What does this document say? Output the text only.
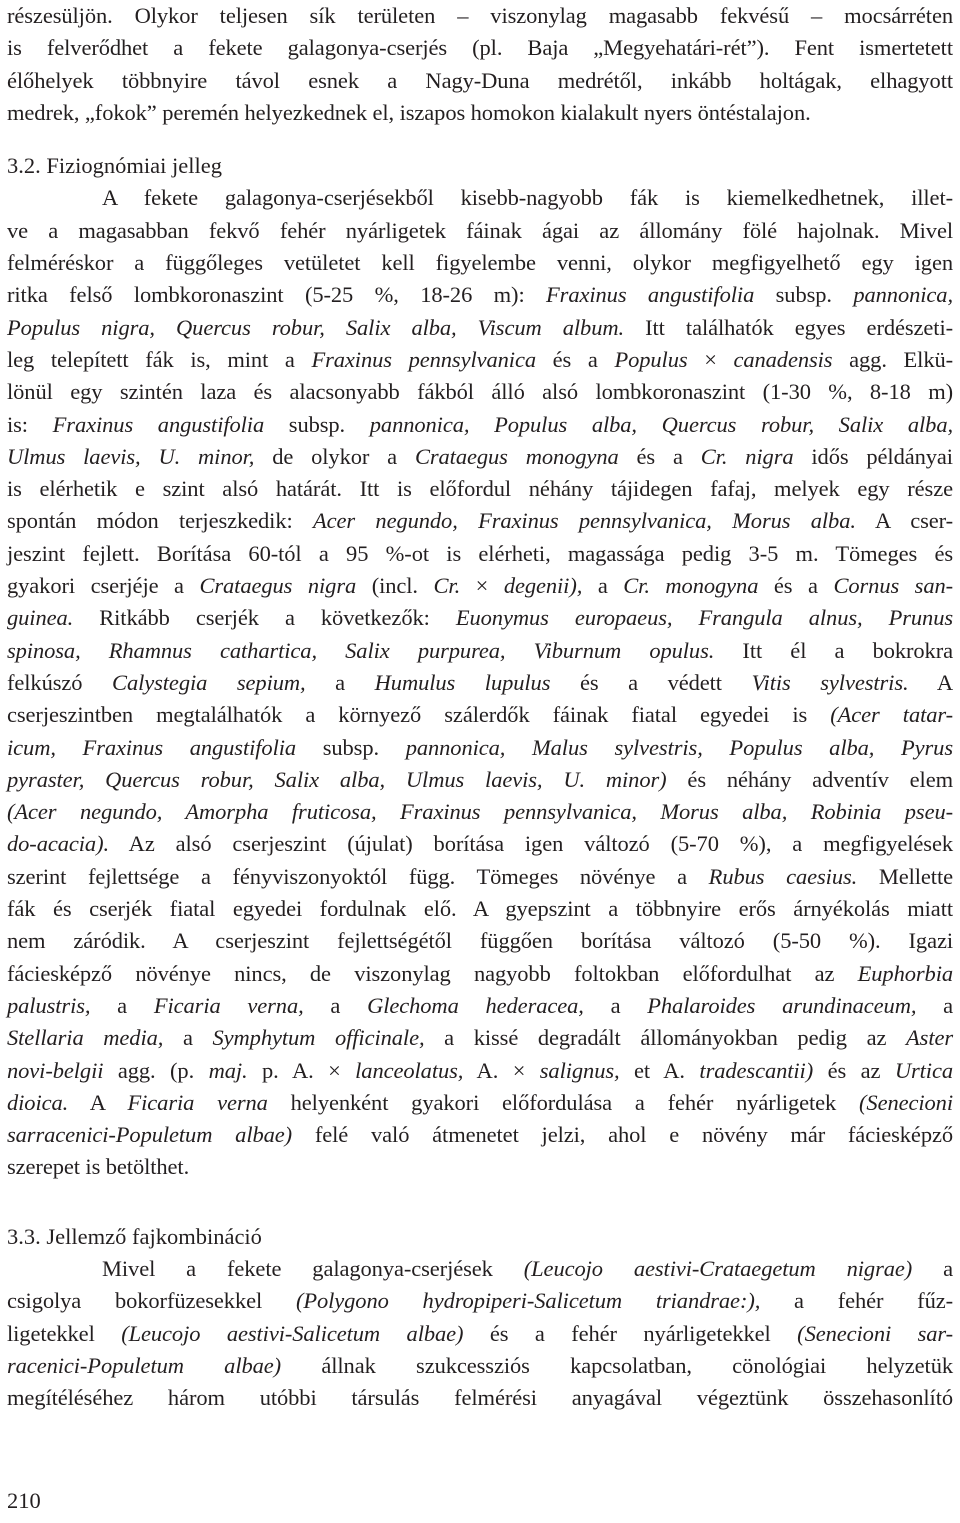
részesüljön. Olykor teljesen sík területen – viszonylag magasabb fekvésű – mocsárréten
is felverődhet a fekete galagonya-cserjés (pl. Baja „Megyehatári-rét”). Fent ismertetett
élőhelyek többnyire távol esnek a Nagy-Duna medrétől, inkább holtágak, elhagyott
medrek, „fokok” peremén helyezkednek el, iszapos homokon kialakult nyers öntéstalajon.
3.2. Fiziognómiai jelleg
A fekete galagonya-cserjésekből kisebb-nagyobb fák is kiemelkedhetnek, illet-
ve a magasabban fekvő fehér nyárligetek fáinak ágai az állomány fölé hajolnak. Mivel
felméréskor a függőleges vetületet kell figyelembe venni, olykor megfigyelhető egy igen
ritka felső lombkoronaszint (5-25 %, 18-26 m): Fraxinus angustifolia subsp. pannonica,
Populus nigra, Quercus robur, Salix alba, Viscum album. Itt találhatók egyes erdészeti-
leg telepített fák is, mint a Fraxinus pennsylvanica és a Populus × canadensis agg. Elkü-
lönül egy szintén laza és alacsonyabb fákból álló alsó lombkoronaszint (1-30 %, 8-18 m)
is: Fraxinus angustifolia subsp. pannonica, Populus alba, Quercus robur, Salix alba,
Ulmus laevis, U. minor, de olykor a Crataegus monogyna és a Cr. nigra idős példányai
is elérhetik e szint alsó határát. Itt is előfordul néhány tájidegen fafaj, melyek egy része
spontán módon terjeszkedik: Acer negundo, Fraxinus pennsylvanica, Morus alba. A cser-
jeszint fejlett. Borítása 60-tól a 95 %-ot is elérheti, magassága pedig 3-5 m. Tömeges és
gyakori cserjéje a Crataegus nigra (incl. Cr. × degenii), a Cr. monogyna és a Cornus san-
guinea. Ritkább cserjék a következők: Euonymus europaeus, Frangula alnus, Prunus
spinosa, Rhamnus cathartica, Salix purpurea, Viburnum opulus. Itt él a bokrokra
felkúszó Calystegia sepium, a Humulus lupulus és a védett Vitis sylvestris. A
cserjeszintben megtalálhatók a környező szálerdők fáinak fiatal egyedei is (Acer tatar-
icum, Fraxinus angustifolia subsp. pannonica, Malus sylvestris, Populus alba, Pyrus
pyraster, Quercus robur, Salix alba, Ulmus laevis, U. minor) és néhány adventív elem
(Acer negundo, Amorpha fruticosa, Fraxinus pennsylvanica, Morus alba, Robinia pseu-
do-acacia). Az alsó cserjeszint (újulat) borítása igen változó (5-70 %), a megfigyelések
szerint fejlettsége a fényviszonyoktól függ. Tömeges növénye a Rubus caesius. Mellette
fák és cserjék fiatal egyedei fordulnak elő. A gyepszint a többnyire erős árnyékolás miatt
nem záródik. A cserjeszint fejlettségétől függően borítása változó (5-50 %). Igazi
fáciesképző növénye nincs, de viszonylag nagyobb foltokban előfordulhat az Euphorbia
palustris, a Ficaria verna, a Glechoma hederacea, a Phalaroides arundinaceum, a
Stellaria media, a Symphytum officinale, a kissé degradált állományokban pedig az Aster
novi-belgii agg. (p. maj. p. A. × lanceolatus, A. × salignus, et A. tradescantii) és az Urtica
dioica. A Ficaria verna helyenként gyakori előfordulása a fehér nyárligetek (Senecioni
sarracenici-Populetum albae) felé való átmenetet jelzi, ahol e növény már fáciesképző
szerepet is betölthet.
3.3. Jellemző fajkombináció
Mivel a fekete galagonya-cserjések (Leucojo aestivi-Crataegetum nigrae) a
csigolya bokorfüzesekkel (Polygono hydropiperi-Salicetum triandrae:), a fehér fűz-
ligetekkel (Leucojo aestivi-Salicetum albae) és a fehér nyárligetekkel (Senecioni sar-
racenici-Populetum albae) állnak szukcessziós kapcsolatban, cönológiai helyzetük
megítéléséhez három utóbbi társulás felmérési anyagával végeztünk összehasonlító
210
